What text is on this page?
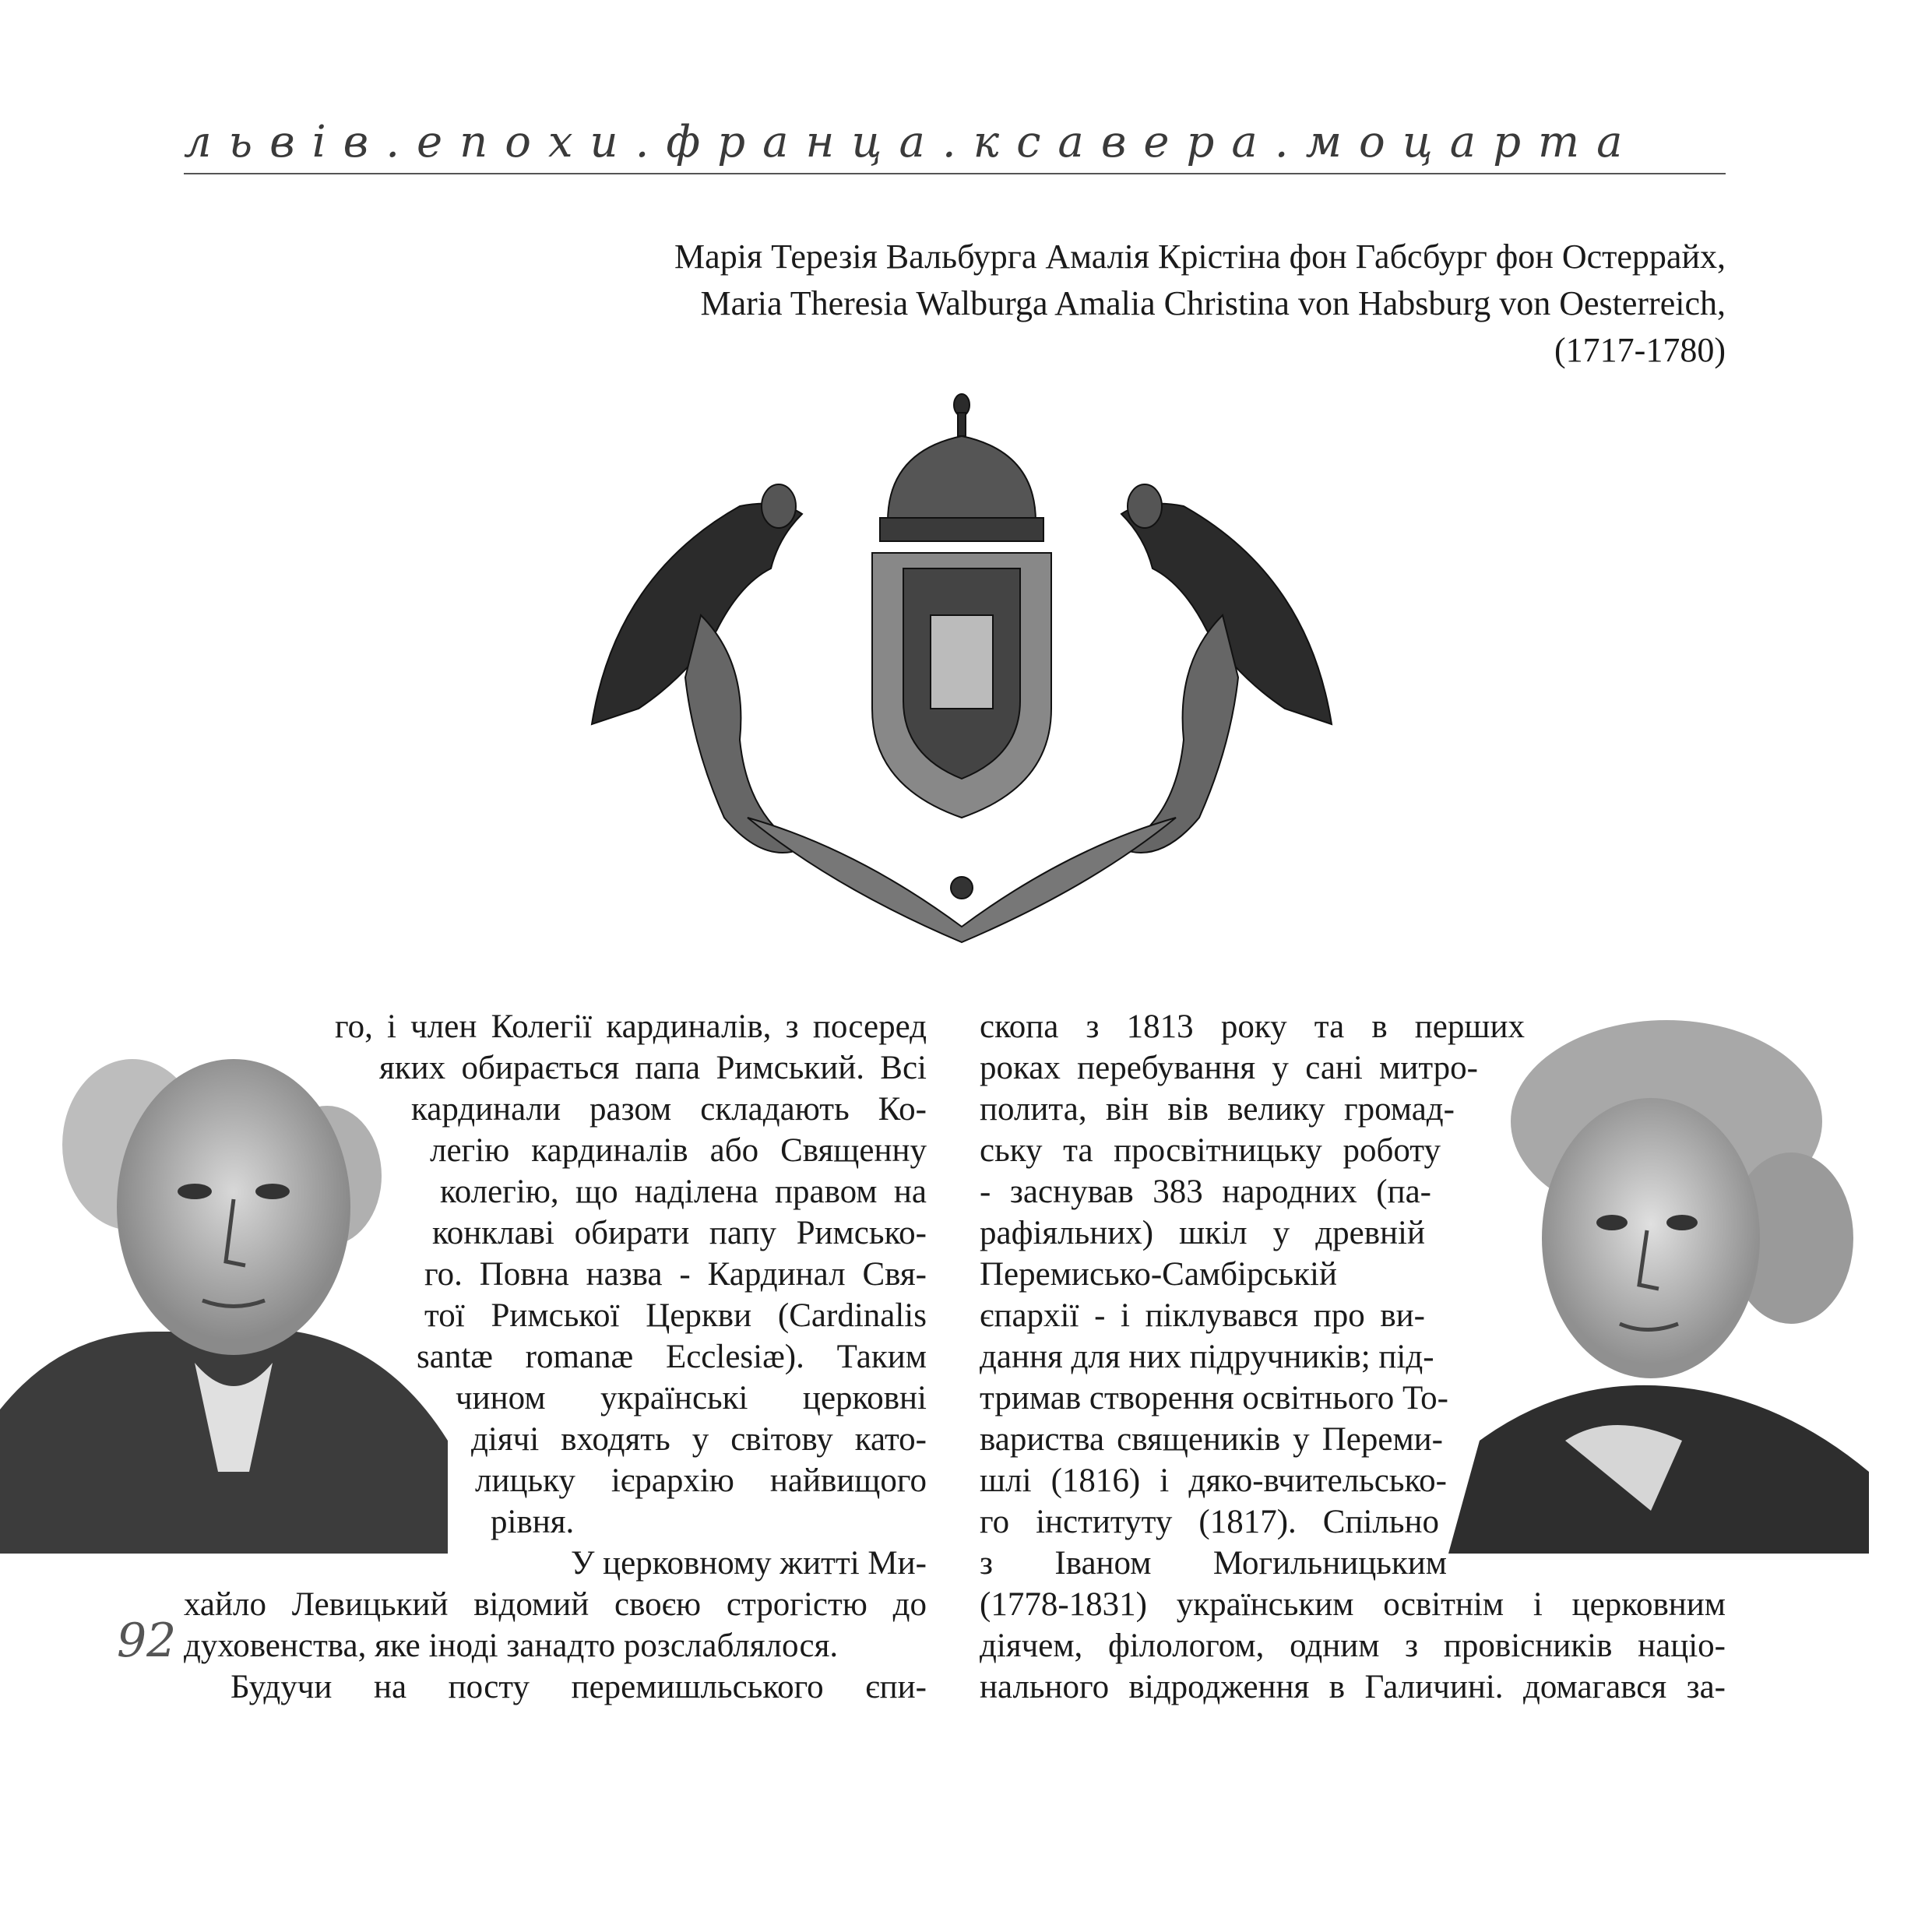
львів.епохи.франца.ксавера.моцарта
Марія Терезія Вальбурга Амалія Крістіна фон Габсбург фон Остеррайх,
Maria Theresia Walburga Amalia Christina von Habsburg von Oesterreich,
(1717-1780)
го, і член Колегії кардиналів, з посеред
яких обирається папа Римський. Всі
кардинали разом складають Ко-
легію кардиналів або Священну
колегію, що наділена правом на
конклаві обирати папу Римсько-
го. Повна назва - Кардинал Свя-
тої Римської Церкви (Cardinalis
santæ romanæ Ecclesiæ). Таким
чином українські церковні
діячі входять у світову като-
лицьку ієрархію найвищого
рівня.
У церковному житті Ми-
хайло Левицький відомий своєю строгістю до
духовенства, яке іноді занадто розслаблялося.
Будучи на посту перемишльського єпи-
скопа з 1813 року та в перших
роках перебування у сані митро-
полита, він вів велику громад-
ську та просвітницьку роботу
- заснував 383 народних (па-
рафіяльних) шкіл у древній
Перемисько-Самбірській
єпархії - і піклувався про ви-
дання для них підручників; під-
тримав створення освітнього То-
вариства священиків у Переми-
шлі (1816) і дяко-вчительсько-
го інституту (1817). Спільно
з Іваном Могильницьким
(1778-1831) українським освітнім і церковним
діячем, філологом, одним з провісників націо-
нального відродження в Галичині. домагався за-
92
